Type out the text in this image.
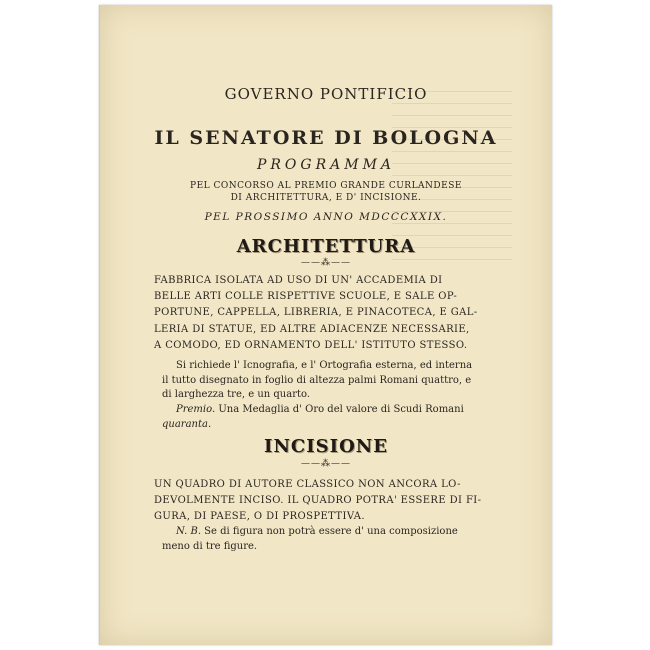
GOVERNO PONTIFICIO
IL SENATORE DI BOLOGNA
PROGRAMMA
PEL CONCORSO AL PREMIO GRANDE CURLANDESE
DI ARCHITETTURA, E D' INCISIONE.
PEL PROSSIMO ANNO MDCCCXXIX.
ARCHITETTURA
——⁂——
FABBRICA ISOLATA AD USO DI UN' ACCADEMIA DI
BELLE ARTI COLLE RISPETTIVE SCUOLE, E SALE OP-
PORTUNE, CAPPELLA, LIBRERIA, E PINACOTECA, E GAL-
LERIA DI STATUE, ED ALTRE ADIACENZE NECESSARIE,
A COMODO, ED ORNAMENTO DELL' ISTITUTO STESSO.
Si richiede l' Icnografia, e l' Ortografia esterna, ed interna
il tutto disegnato in foglio di altezza palmi Romani quattro, e
di larghezza tre, e un quarto.
Premio. Una Medaglia d' Oro del valore di Scudi Romani
quaranta.
INCISIONE
——⁂——
UN QUADRO DI AUTORE CLASSICO NON ANCORA LO-
DEVOLMENTE INCISO. IL QUADRO POTRA' ESSERE DI FI-
GURA, DI PAESE, O DI PROSPETTIVA.
N. B. Se di figura non potrà essere d' una composizione
meno di tre figure.
